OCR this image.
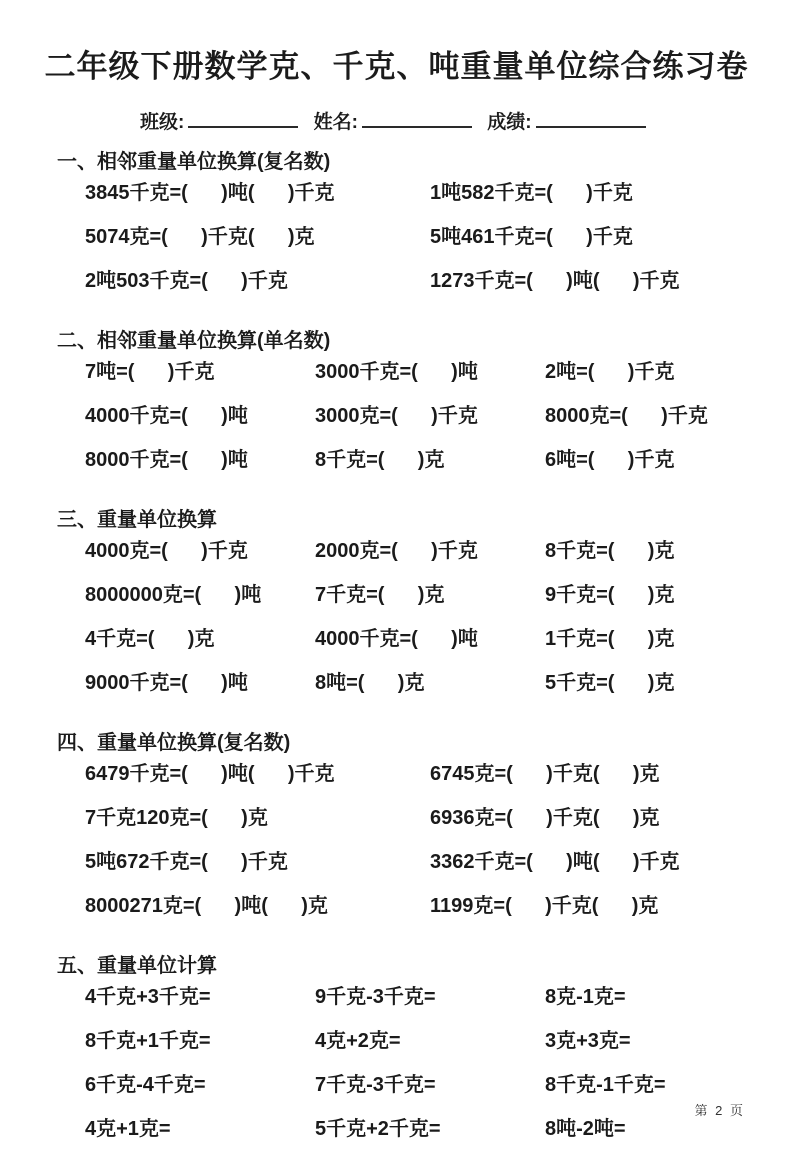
二年级下册数学克、千克、吨重量单位综合练习卷
班级:	姓名:	成绩:
一、相邻重量单位换算(复名数)
3845千克=(      )吨(      )千克	1吨582千克=(      )千克
5074克=(      )千克(      )克	5吨461千克=(      )千克
2吨503千克=(      )千克	1273千克=(      )吨(      )千克
二、相邻重量单位换算(单名数)
7吨=(      )千克	3000千克=(      )吨	2吨=(      )千克
4000千克=(      )吨	3000克=(      )千克	8000克=(      )千克
8000千克=(      )吨	8千克=(      )克	6吨=(      )千克
三、重量单位换算
4000克=(      )千克	2000克=(      )千克	8千克=(      )克
8000000克=(      )吨	7千克=(      )克	9千克=(      )克
4千克=(      )克	4000千克=(      )吨	1千克=(      )克
9000千克=(      )吨	8吨=(      )克	5千克=(      )克
四、重量单位换算(复名数)
6479千克=(      )吨(      )千克	6745克=(      )千克(      )克
7千克120克=(      )克	6936克=(      )千克(      )克
5吨672千克=(      )千克	3362千克=(      )吨(      )千克
8000271克=(      )吨(      )克	1199克=(      )千克(      )克
五、重量单位计算
4千克+3千克=	9千克-3千克=	8克-1克=
8千克+1千克=	4克+2克=	3克+3克=
6千克-4千克=	7千克-3千克=	8千克-1千克=
4克+1克=	5千克+2千克=	8吨-2吨=
第 2 页
